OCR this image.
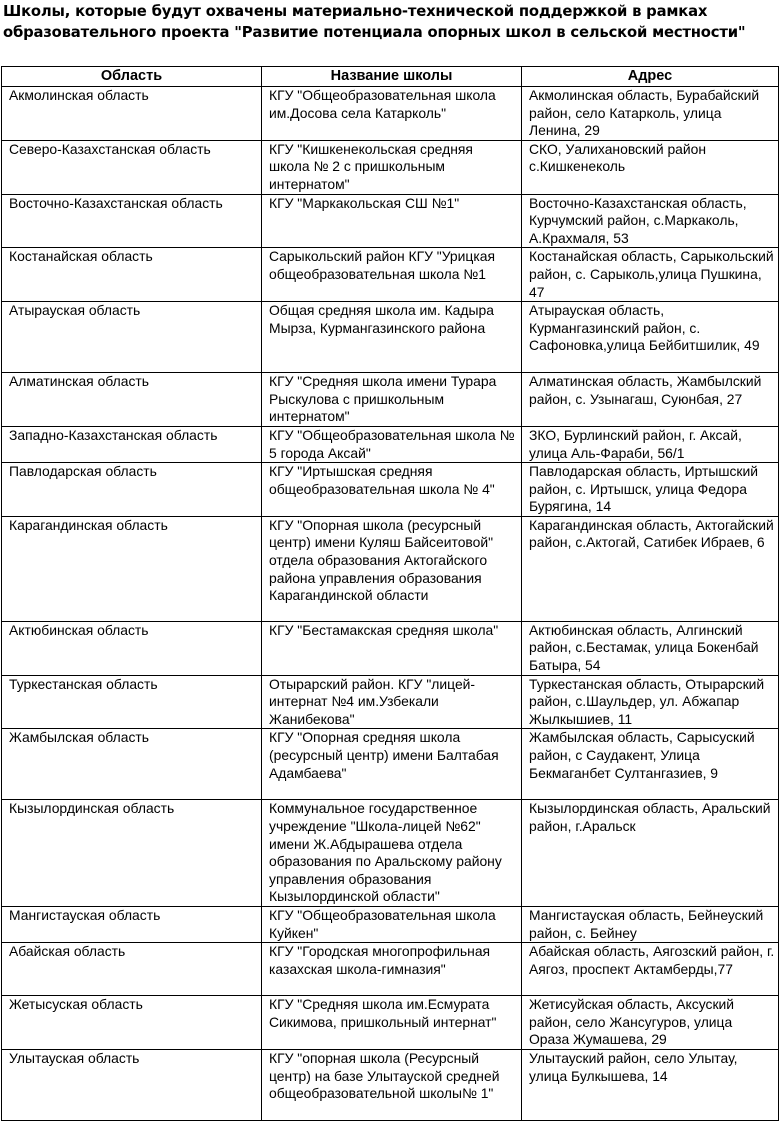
Школы, которые будут охвачены материально-технической поддержкой в рамках образовательного проекта "Развитие потенциала опорных школ в сельской местности"
Область	Название школы	Адрес
Акмолинская область	КГУ "Общеобразовательная школа им.Досова села Катарколь"	Акмолинская область, Бурабайский район, село Катарколь, улица Ленина, 29
Северо-Казахстанская область	КГУ "Кишкенекольская средняя школа № 2 с пришкольным интернатом"	СКО, Уалихановский район с.Кишкенеколь
Восточно-Казахстанская область	КГУ "Маркакольская СШ №1"	Восточно-Казахстанская область, Курчумский район, с.Маркаколь, А.Крахмаля, 53
Костанайская область	Сарыкольский район КГУ "Урицкая общеобразовательная школа №1	Костанайская область, Сарыкольский район, с. Сарыколь,улица Пушкина, 47
Атырауская область	Общая средняя школа им. Кадыра Мырза, Курмангазинского района	Атырауская область, Курмангазинский район, с. Сафоновка,улица Бейбитшилик, 49
Алматинская область	КГУ "Средняя школа имени Турара Рыскулова с пришкольным интернатом"	Алматинская область, Жамбылский район, с. Узынагаш, Суюнбая, 27
Западно-Казахстанская область	КГУ "Общеобразовательная школа № 5 города Аксай"	ЗКО, Бурлинский район, г. Аксай, улица Аль-Фараби, 56/1
Павлодарская область	КГУ "Иртышская средняя общеобразовательная школа № 4"	Павлодарская область, Иртышский район, с. Иртышск, улица Федора Бурягина, 14
Карагандинская область	КГУ "Опорная школа (ресурсный центр) имени Куляш Байсеитовой" отдела образования Актогайского района управления образования Карагандинской области	Карагандинская область, Актогайский район, с.Актогай, Сатибек Ибраев, 6
Актюбинская область	КГУ "Бестамакская средняя школа"	Актюбинская область, Алгинский район, с.Бестамак, улица Бокенбай Батыра, 54
Туркестанская область	Отырарский район. КГУ "лицей-интернат №4 им.Узбекали Жанибекова"	Туркестанская область, Отырарский район, с.Шаульдер, ул. Абжапар Жылкышиев, 11
Жамбылская область	КГУ "Опорная средняя школа (ресурсный центр) имени Балтабая Адамбаева"	Жамбылская область, Сарысуский район, с Саудакент, Улица Бекмаганбет Султангазиев, 9
Кызылординская область	Коммунальное государственное учреждение "Школа-лицей №62" имени Ж.Абдырашева отдела образования по Аральскому району управления образования Кызылординской области"	Кызылординская область, Аральский район, г.Аральск
Мангистауская область	КГУ "Общеобразовательная школа Куйкен"	Мангистауская область, Бейнеуский район, с. Бейнеу
Абайская область	КГУ "Городская многопрофильная казахская школа-гимназия"	Абайская область, Аягозский район, г. Аягоз, проспект Актамберды,77
Жетысуская область	КГУ "Средняя школа им.Есмурата Сикимова, пришкольный интернат"	Жетисуйская область, Аксуский район, село Жансугуров, улица Ораза Жумашева, 29
Улытауская область	КГУ "опорная школа (Ресурсный центр) на базе Улытауской средней общеобразовательной школы№ 1"	Улытауский район, село Улытау, улица Булкышева, 14
